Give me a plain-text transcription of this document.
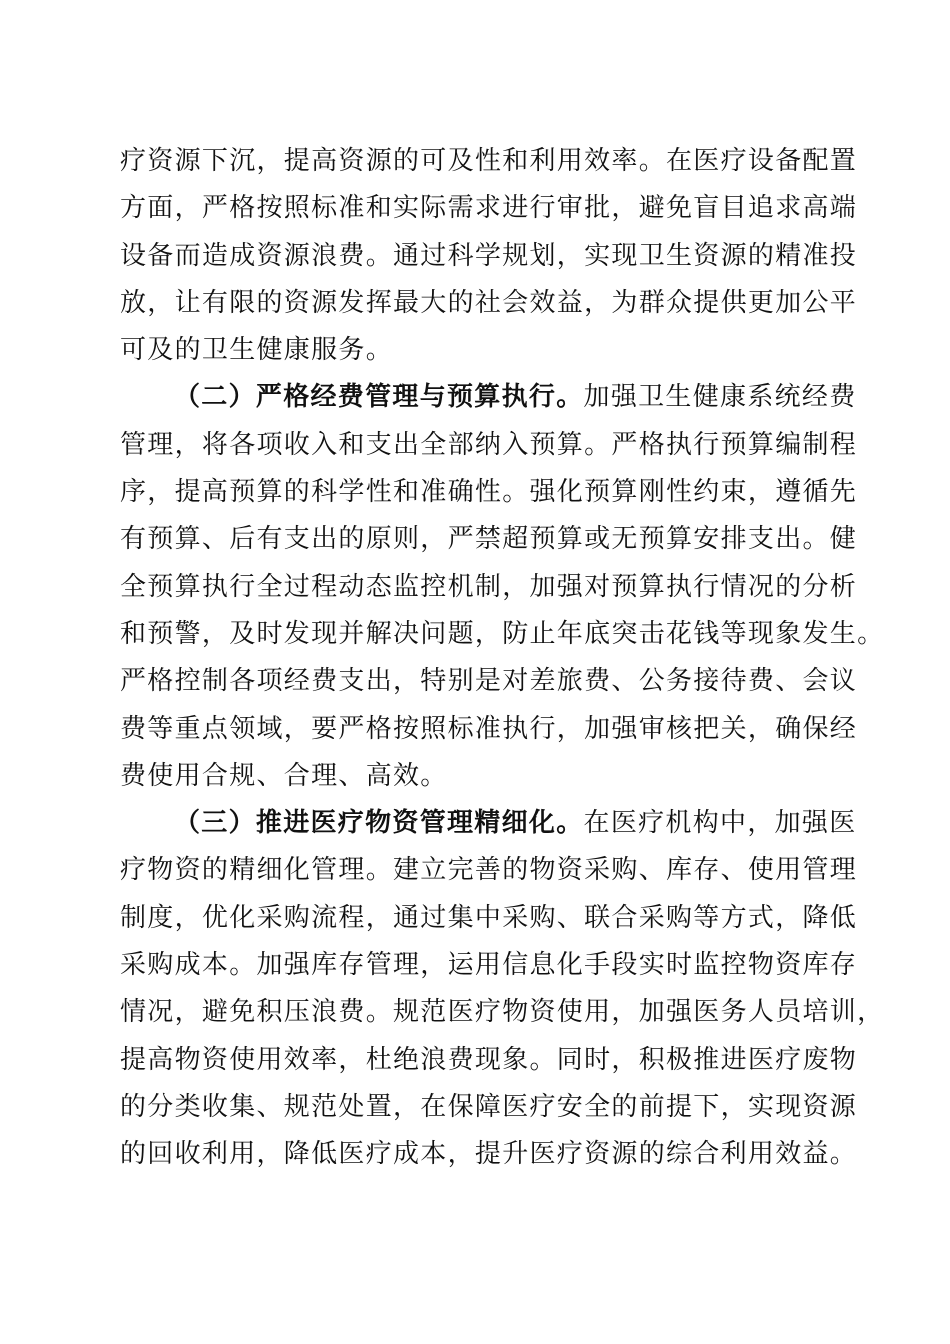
疗资源下沉，提高资源的可及性和利用效率。在医疗设备配置
方面，严格按照标准和实际需求进行审批，避免盲目追求高端
设备而造成资源浪费。通过科学规划，实现卫生资源的精准投
放，让有限的资源发挥最大的社会效益，为群众提供更加公平
可及的卫生健康服务。
（二）严格经费管理与预算执行。加强卫生健康系统经费
管理，将各项收入和支出全部纳入预算。严格执行预算编制程
序，提高预算的科学性和准确性。强化预算刚性约束，遵循先
有预算、后有支出的原则，严禁超预算或无预算安排支出。健
全预算执行全过程动态监控机制，加强对预算执行情况的分析
和预警，及时发现并解决问题，防止年底突击花钱等现象发生。
严格控制各项经费支出，特别是对差旅费、公务接待费、会议
费等重点领域，要严格按照标准执行，加强审核把关，确保经
费使用合规、合理、高效。
（三）推进医疗物资管理精细化。在医疗机构中，加强医
疗物资的精细化管理。建立完善的物资采购、库存、使用管理
制度，优化采购流程，通过集中采购、联合采购等方式，降低
采购成本。加强库存管理，运用信息化手段实时监控物资库存
情况，避免积压浪费。规范医疗物资使用，加强医务人员培训，
提高物资使用效率，杜绝浪费现象。同时，积极推进医疗废物
的分类收集、规范处置，在保障医疗安全的前提下，实现资源
的回收利用，降低医疗成本，提升医疗资源的综合利用效益。
